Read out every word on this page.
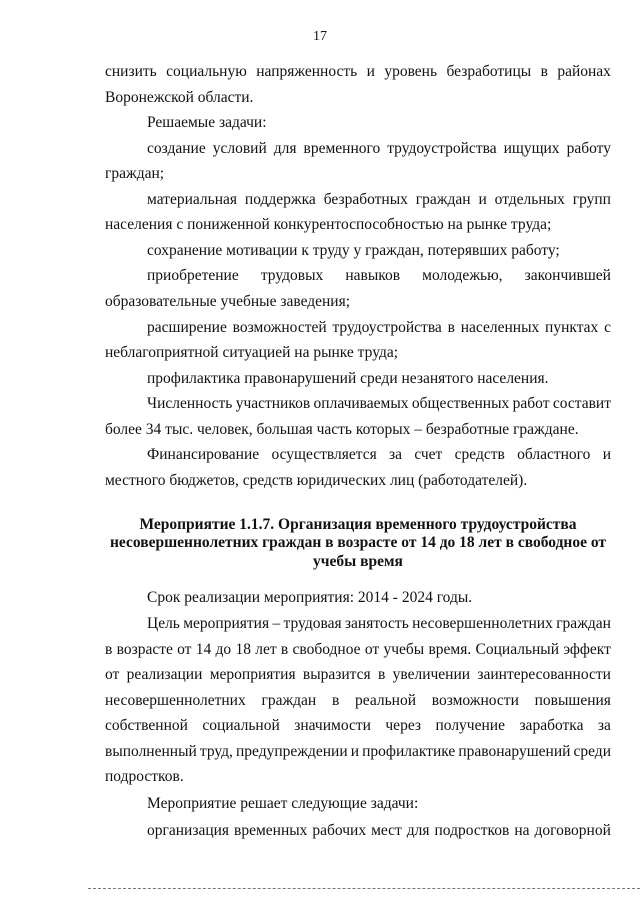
17
снизить социальную напряженность и уровень безработицы в районах
Воронежской области.
Решаемые задачи:
создание условий для временного трудоустройства ищущих работу
граждан;
материальная поддержка безработных граждан и отдельных групп
населения с пониженной конкурентоспособностью на рынке труда;
сохранение мотивации к труду у граждан, потерявших работу;
приобретение трудовых навыков молодежью, закончившей
образовательные учебные заведения;
расширение возможностей трудоустройства в населенных пунктах с
неблагоприятной ситуацией на рынке труда;
профилактика правонарушений среди незанятого населения.
Численность участников оплачиваемых общественных работ составит
более 34 тыс. человек, большая часть которых – безработные граждане.
Финансирование осуществляется за счет средств областного и
местного бюджетов, средств юридических лиц (работодателей).
Мероприятие 1.1.7. Организация временного трудоустройства
несовершеннолетних граждан в возрасте от 14 до 18 лет в свободное от
учебы время
Срок реализации мероприятия: 2014 - 2024 годы.
Цель мероприятия – трудовая занятость несовершеннолетних граждан
в возрасте от 14 до 18 лет в свободное от учебы время. Социальный эффект
от реализации мероприятия выразится в увеличении заинтересованности
несовершеннолетних граждан в реальной возможности повышения
собственной социальной значимости через получение заработка за
выполненный труд, предупреждении и профилактике правонарушений среди
подростков.
Мероприятие решает следующие задачи:
организация временных рабочих мест для подростков на договорной
